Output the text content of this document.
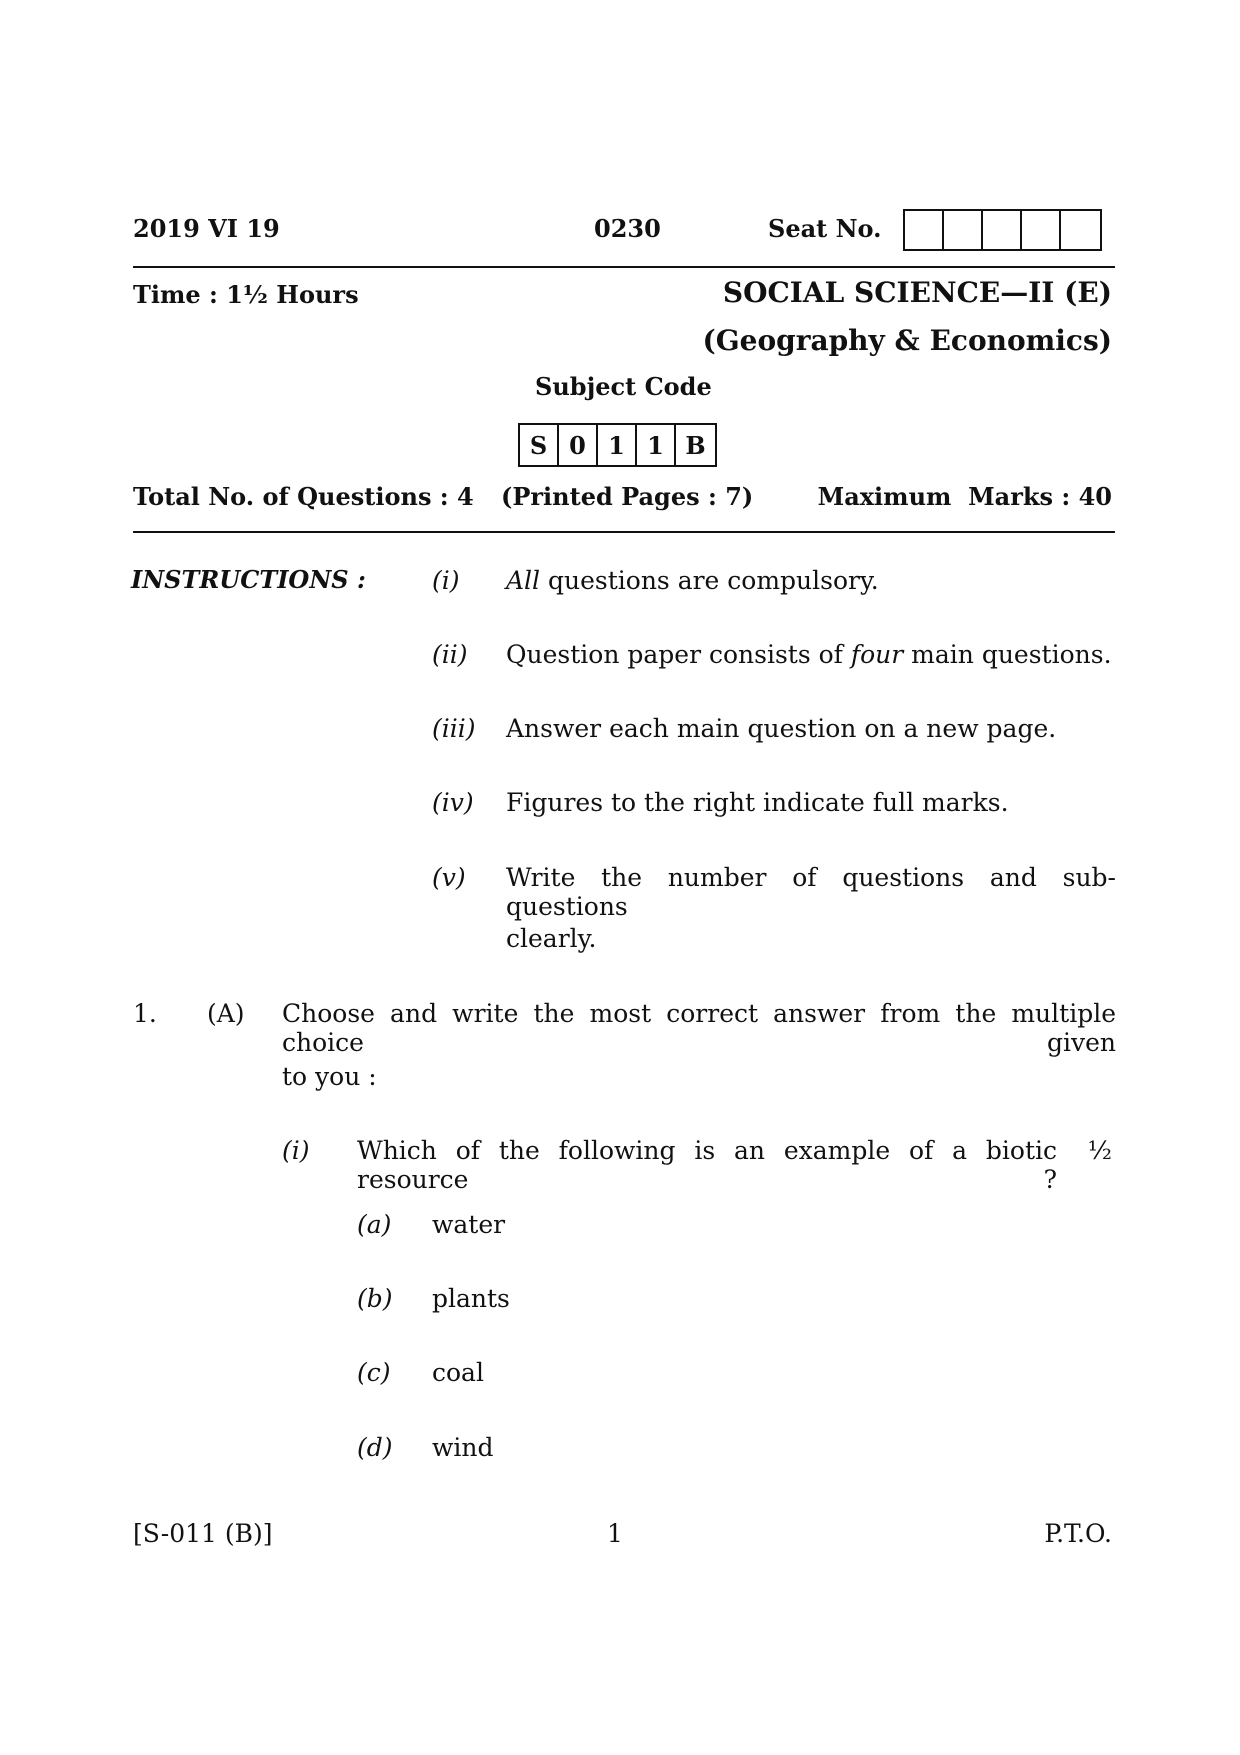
2019 VI 19	0230	Seat No.
Time : 1½ Hours	SOCIAL SCIENCE—II (E)
(Geography & Economics)
Subject Code
S 0 1 1 B
Total No. of Questions : 4 (Printed Pages : 7)	Maximum  Marks : 40
INSTRUCTIONS :	(i) All questions are compulsory.
(ii) Question paper consists of four main questions.
(iii) Answer each main question on a new page.
(iv) Figures to the right indicate full marks.
(v) Write the number of questions and sub-questions
clearly.
1. (A) Choose and write the most correct answer from the multiple choice given
to you :
(i) Which of the following is an example of a biotic resource ?
½
(a) water
(b) plants
(c) coal
(d) wind
[S-011 (B)]	1	P.T.O.
